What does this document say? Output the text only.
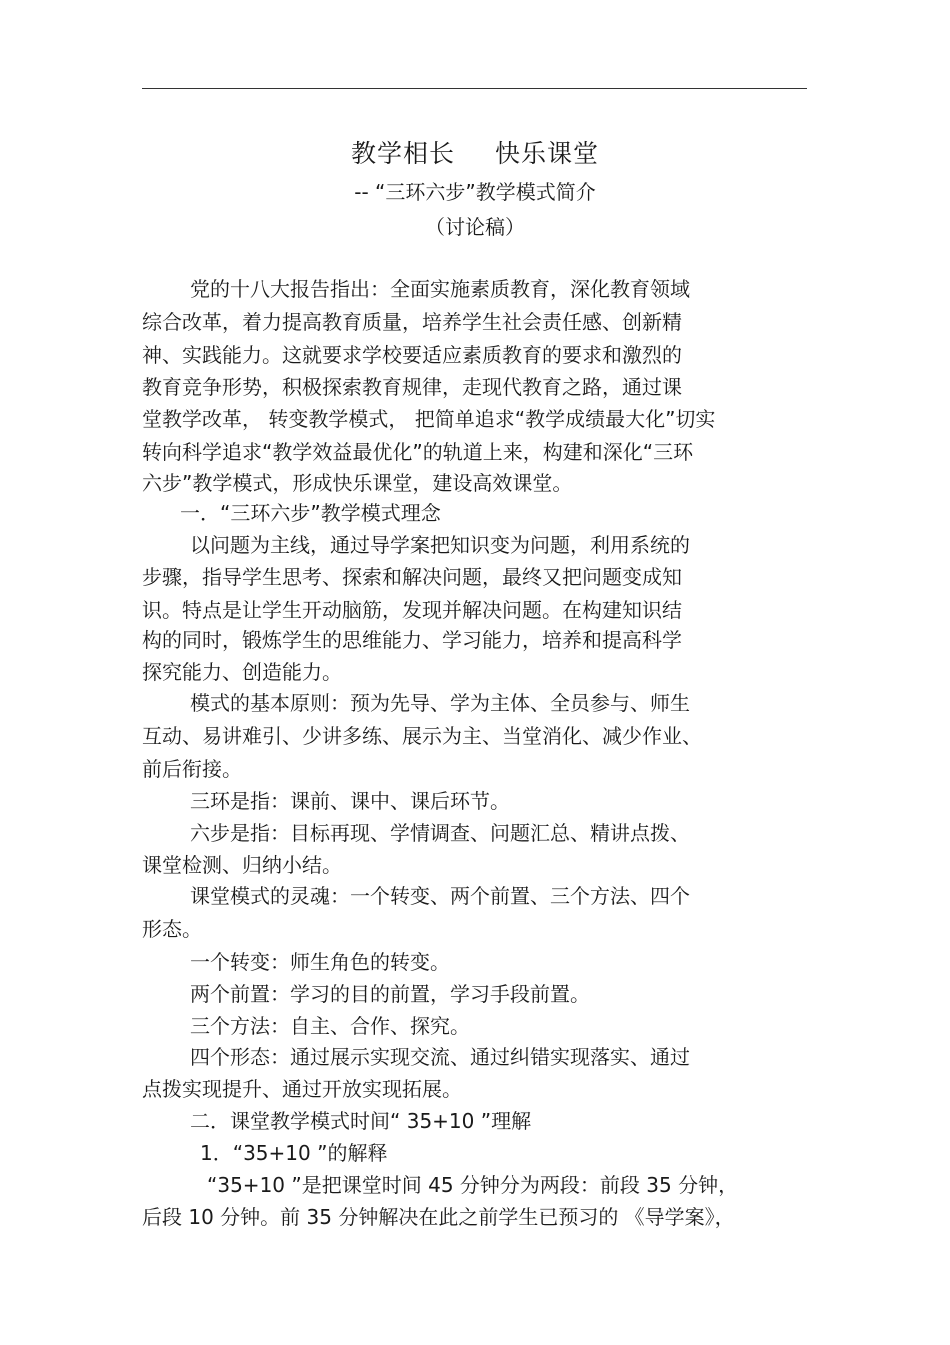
教学相长 快乐课堂
-- “三环六步”教学模式简介
（讨论稿）
党的十八大报告指出：全面实施素质教育，深化教育领域
综合改革，着力提高教育质量，培养学生社会责任感、创新精
神、实践能力。这就要求学校要适应素质教育的要求和激烈的
教育竞争形势，积极探索教育规律，走现代教育之路，通过课
堂教学改革， 转变教学模式， 把简单追求“教学成绩最大化”切实
转向科学追求“教学效益最优化”的轨道上来，构建和深化“三环
六步”教学模式，形成快乐课堂，建设高效课堂。
一．“三环六步”教学模式理念
以问题为主线，通过导学案把知识变为问题，利用系统的
步骤，指导学生思考、探索和解决问题，最终又把问题变成知
识。特点是让学生开动脑筋，发现并解决问题。在构建知识结
构的同时，锻炼学生的思维能力、学习能力，培养和提高科学
探究能力、创造能力。
模式的基本原则：预为先导、学为主体、全员参与、师生
互动、易讲难引、少讲多练、展示为主、当堂消化、减少作业、
前后衔接。
三环是指：课前、课中、课后环节。
六步是指：目标再现、学情调查、问题汇总、精讲点拨、
课堂检测、归纳小结。
课堂模式的灵魂：一个转变、两个前置、三个方法、四个
形态。
一个转变：师生角色的转变。
两个前置：学习的目的前置，学习手段前置。
三个方法：自主、合作、探究。
四个形态：通过展示实现交流、通过纠错实现落实、通过
点拨实现提升、通过开放实现拓展。
二．课堂教学模式时间“ 35+10 ”理解
1．“35+10 ”的解释
“35+10 ”是把课堂时间 45 分钟分为两段：前段 35 分钟，
后段 10 分钟。前 35 分钟解决在此之前学生已预习的 《导学案》，
